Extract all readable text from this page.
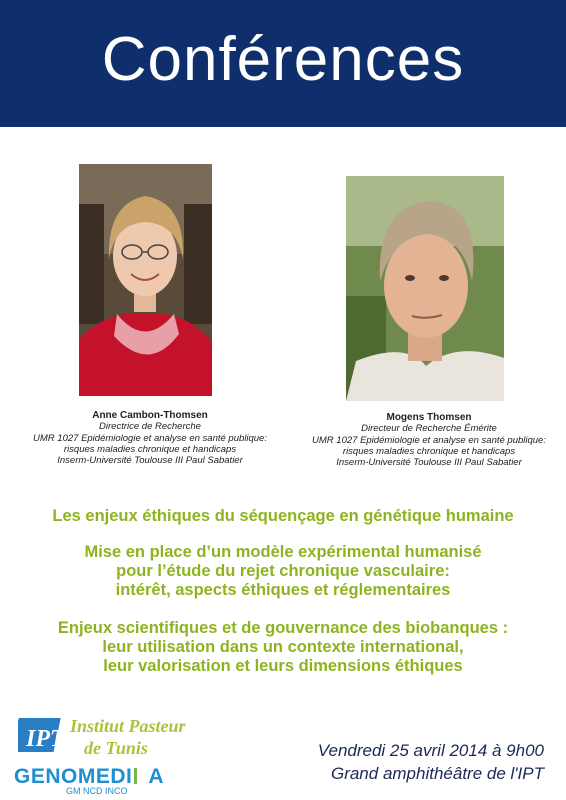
Conférences
Anne Cambon-Thomsen
Directrice de Recherche
UMR 1027 Epidémiologie et analyse en santé publique:
risques maladies chronique et handicaps
Inserm-Université Toulouse III Paul Sabatier
Mogens Thomsen
Directeur de Recherche Émérite
UMR 1027 Epidémiologie et analyse en santé publique:
risques maladies chronique et handicaps
Inserm-Université Toulouse III Paul Sabatier
Les enjeux éthiques du séquençage en génétique humaine
Mise en place d’un modèle expérimental humanisé
pour l’étude du rejet chronique vasculaire:
intérêt, aspects éthiques et réglementaires
Enjeux scientifiques et de gouvernance des biobanques :
leur utilisation dans un contexte international,
leur valorisation et leurs dimensions éthiques
IPT Institut Pasteur
de Tunis
GENOMEDI A
GM NCD INCO
Vendredi 25 avril 2014 à 9h00
Grand amphithéâtre de l'IPT
